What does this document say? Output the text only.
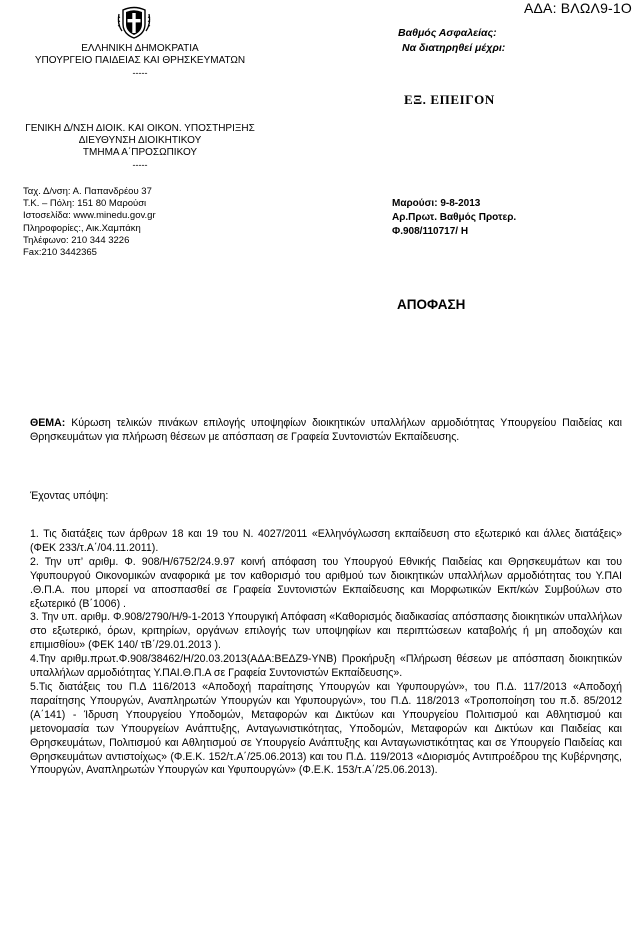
ΕΛΛΗΝΙΚΗ ΔΗΜΟΚΡΑΤΙΑ
ΥΠΟΥΡΓΕΙΟ ΠΑΙΔΕΙΑΣ ΚΑΙ ΘΡΗΣΚΕΥΜΑΤΩΝ
-----
ΓΕΝΙΚΗ Δ/ΝΣΗ ΔΙΟΙΚ. ΚΑΙ ΟΙΚΟΝ. ΥΠΟΣΤΗΡΙΞΗΣ
ΔΙΕΥΘΥΝΣΗ ΔΙΟΙΚΗΤΙΚΟΥ
ΤΜΗΜΑ Α΄ΠΡΟΣΩΠΙΚΟΥ
-----
Ταχ. Δ/νση: Α. Παπανδρέου 37
Τ.Κ. – Πόλη: 151 80 Μαρούσι
Ιστοσελίδα: www.minedu.gov.gr
Πληροφορίες:, Αικ.Χαμπάκη
Τηλέφωνο: 210 344 3226
Fax:210 3442365
ΑΔΑ: ΒΛΩΛ9-1Ο
Βαθμός Ασφαλείας:
Να διατηρηθεί μέχρι:
ΕΞ. ΕΠΕΙΓΟΝ
Μαρούσι: 9-8-2013
Αρ.Πρωτ. Βαθμός Προτερ.
Φ.908/110717/ Η
ΑΠΟΦΑΣΗ
ΘΕΜΑ: Κύρωση τελικών πινάκων επιλογής υποψηφίων διοικητικών υπαλλήλων αρμοδιότητας Υπουργείου Παιδείας και Θρησκευμάτων για πλήρωση θέσεων με απόσπαση σε Γραφεία Συντονιστών Εκπαίδευσης.
Έχοντας υπόψη:

1. Τις διατάξεις των άρθρων 18 και 19 του Ν. 4027/2011 «Ελληνόγλωσση εκπαίδευση στο εξωτερικό και άλλες διατάξεις» (ΦΕΚ 233/τ.Α΄/04.11.2011).

2. Την υπ’ αριθμ. Φ. 908/Η/6752/24.9.97 κοινή απόφαση του Υπουργού Εθνικής Παιδείας και Θρησκευμάτων και του Υφυπουργού Οικονομικών αναφορικά με τον καθορισμό του αριθμού των διοικητικών υπαλλήλων αρμοδιότητας του Υ.ΠΑΙ .Θ.Π.Α. που μπορεί να αποσπασθεί σε Γραφεία Συντονιστών Εκπαίδευσης και Μορφωτικών Εκπ/κών Συμβούλων στο εξωτερικό (Β΄1006) .

3. Την υπ. αριθμ. Φ.908/2790/Η/9-1-2013 Υπουργική Απόφαση «Καθορισμός διαδικασίας απόσπασης διοικητικών υπαλλήλων στο εξωτερικό, όρων, κριτηρίων, οργάνων επιλογής των υποψηφίων και περιπτώσεων καταβολής ή μη αποδοχών και επιμισθίου» (ΦΕΚ 140/ τΒ΄/29.01.2013 ).

4.Την αριθμ.πρωτ.Φ.908/38462/Η/20.03.2013(ΑΔΑ:ΒΕΔΖ9-ΥΝΒ) Προκήρυξη «Πλήρωση θέσεων με απόσπαση διοικητικών υπαλλήλων αρμοδιότητας Υ.ΠΑΙ.Θ.Π.Α σε Γραφεία Συντονιστών Εκπαίδευσης».

5.Τις διατάξεις του Π.Δ 116/2013 «Αποδοχή παραίτησης Υπουργών και Υφυπουργών», του Π.Δ. 117/2013 «Αποδοχή παραίτησης Υπουργών, Αναπληρωτών Υπουργών και Υφυπουργών», του Π.Δ. 118/2013 «Τροποποίηση του π.δ. 85/2012 (Α΄141) - Ίδρυση Υπουργείου Υποδομών, Μεταφορών και Δικτύων και Υπουργείου Πολιτισμού και Αθλητισμού και μετονομασία των Υπουργείων Ανάπτυξης, Ανταγωνιστικότητας, Υποδομών, Μεταφορών και Δικτύων και Παιδείας και Θρησκευμάτων, Πολιτισμού και Αθλητισμού σε Υπουργείο Ανάπτυξης και Ανταγωνιστικότητας και σε Υπουργείο Παιδείας και Θρησκευμάτων αντιστοίχως» (Φ.Ε.Κ. 152/τ.Α΄/25.06.2013) και του Π.Δ. 119/2013 «Διορισμός Αντιπροέδρου της Κυβέρνησης, Υπουργών, Αναπληρωτών Υπουργών και Υφυπουργών» (Φ.Ε.Κ. 153/τ.Α΄/25.06.2013).
